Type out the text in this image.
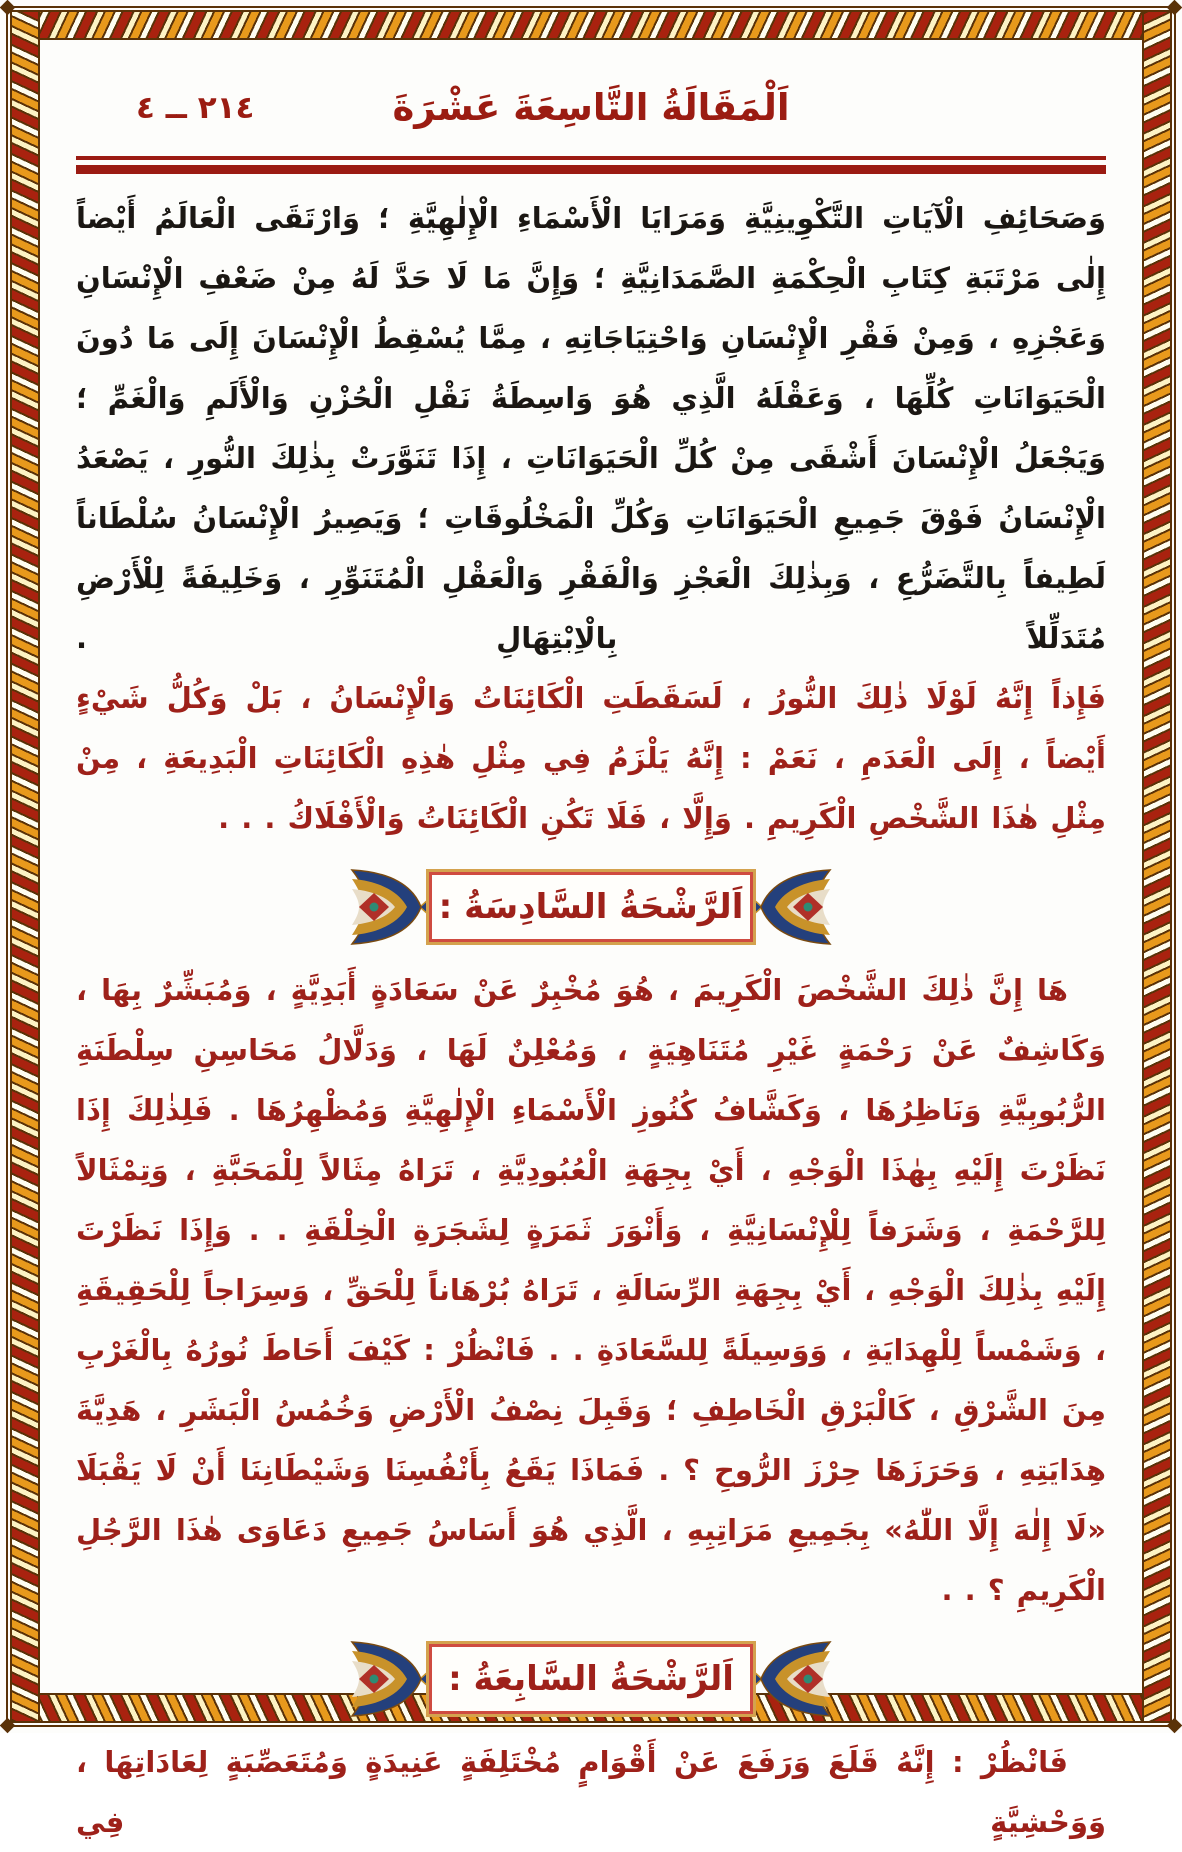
اَلْمَقَالَةُ التَّاسِعَةَ عَشْرَةَ
٢١٤ ــ ٤

وَصَحَائِفِ الْآيَاتِ التَّكْوِينِيَّةِ وَمَرَايَا الْأَسْمَاءِ الْإِلٰهِيَّةِ ؛ وَارْتَقَى الْعَالَمُ أَيْضاً إِلٰى مَرْتَبَةِ كِتَابِ الْحِكْمَةِ الصَّمَدَانِيَّةِ ؛ وَإِنَّ مَا لَا حَدَّ لَهُ مِنْ ضَعْفِ الْإِنْسَانِ وَعَجْزِهِ ، وَمِنْ فَقْرِ الْإِنْسَانِ وَاحْتِيَاجَاتِهِ ، مِمَّا يُسْقِطُ الْإِنْسَانَ إِلَى مَا دُونَ الْحَيَوَانَاتِ كُلِّهَا ، وَعَقْلَهُ الَّذِي هُوَ وَاسِطَةُ نَقْلِ الْحُزْنِ وَالْأَلَمِ وَالْغَمِّ ؛ وَيَجْعَلُ الْإِنْسَانَ أَشْقَى مِنْ كُلِّ الْحَيَوَانَاتِ ، إِذَا تَنَوَّرَتْ بِذٰلِكَ النُّورِ ، يَصْعَدُ الْإِنْسَانُ فَوْقَ جَمِيعِ الْحَيَوَانَاتِ وَكُلِّ الْمَخْلُوقَاتِ ؛ وَيَصِيرُ الْإِنْسَانُ سُلْطَاناً لَطِيفاً بِالتَّضَرُّعِ ، وَبِذٰلِكَ الْعَجْزِ وَالْفَقْرِ وَالْعَقْلِ الْمُتَنَوِّرِ ، وَخَلِيفَةً لِلْأَرْضِ مُتَدَلِّلاً بِالْاِبْتِهَالِ .

فَإِذاً إِنَّهُ لَوْلَا ذٰلِكَ النُّورُ ، لَسَقَطَتِ الْكَائِنَاتُ وَالْإِنْسَانُ ، بَلْ وَكُلُّ شَيْءٍ أَيْضاً ، إِلَى الْعَدَمِ ، نَعَمْ : إِنَّهُ يَلْزَمُ فِي مِثْلِ هٰذِهِ الْكَائِنَاتِ الْبَدِيعَةِ ، مِنْ مِثْلِ هٰذَا الشَّخْصِ الْكَرِيمِ . وَإِلَّا ، فَلَا تَكُنِ الْكَائِنَاتُ وَالْأَفْلَاكُ . . .

اَلرَّشْحَةُ السَّادِسَةُ :

هَا إِنَّ ذٰلِكَ الشَّخْصَ الْكَرِيمَ ، هُوَ مُخْبِرٌ عَنْ سَعَادَةٍ أَبَدِيَّةٍ ، وَمُبَشِّرٌ بِهَا ، وَكَاشِفٌ عَنْ رَحْمَةٍ غَيْرِ مُتَنَاهِيَةٍ ، وَمُعْلِنٌ لَهَا ، وَدَلَّالُ مَحَاسِنِ سِلْطَنَةِ الرُّبُوبِيَّةِ وَنَاظِرُهَا ، وَكَشَّافُ كُنُوزِ الْأَسْمَاءِ الْإِلٰهِيَّةِ وَمُظْهِرُهَا . فَلِذٰلِكَ إِذَا نَظَرْتَ إِلَيْهِ بِهٰذَا الْوَجْهِ ، أَيْ بِجِهَةِ الْعُبُودِيَّةِ ، تَرَاهُ مِثَالاً لِلْمَحَبَّةِ ، وَتِمْثَالاً لِلرَّحْمَةِ ، وَشَرَفاً لِلْإِنْسَانِيَّةِ ، وَأَنْوَرَ ثَمَرَةٍ لِشَجَرَةِ الْخِلْقَةِ . . وَإِذَا نَظَرْتَ إِلَيْهِ بِذٰلِكَ الْوَجْهِ ، أَيْ بِجِهَةِ الرِّسَالَةِ ، تَرَاهُ بُرْهَاناً لِلْحَقِّ ، وَسِرَاجاً لِلْحَقِيقَةِ ، وَشَمْساً لِلْهِدَايَةِ ، وَوَسِيلَةً لِلسَّعَادَةِ . . فَانْظُرْ : كَيْفَ أَحَاطَ نُورُهُ بِالْغَرْبِ مِنَ الشَّرْقِ ، كَالْبَرْقِ الْخَاطِفِ ؛ وَقَبِلَ نِصْفُ الْأَرْضِ وَخُمُسُ الْبَشَرِ ، هَدِيَّةَ هِدَايَتِهِ ، وَحَرَزَهَا حِرْزَ الرُّوحِ ؟ . فَمَاذَا يَقَعُ بِأَنْفُسِنَا وَشَيْطَانِنَا أَنْ لَا يَقْبَلَا «لَا إِلٰهَ إِلَّا اللّٰهُ» بِجَمِيعِ مَرَاتِبِهِ ، الَّذِي هُوَ أَسَاسُ جَمِيعِ دَعَاوَى هٰذَا الرَّجُلِ الْكَرِيمِ ؟ . .

اَلرَّشْحَةُ السَّابِعَةُ :

فَانْظُرْ : إِنَّهُ قَلَعَ وَرَفَعَ عَنْ أَقْوَامٍ مُخْتَلِفَةٍ عَنِيدَةٍ وَمُتَعَصِّبَةٍ لِعَادَاتِهَا ، وَوَحْشِيَّةٍ فِي
